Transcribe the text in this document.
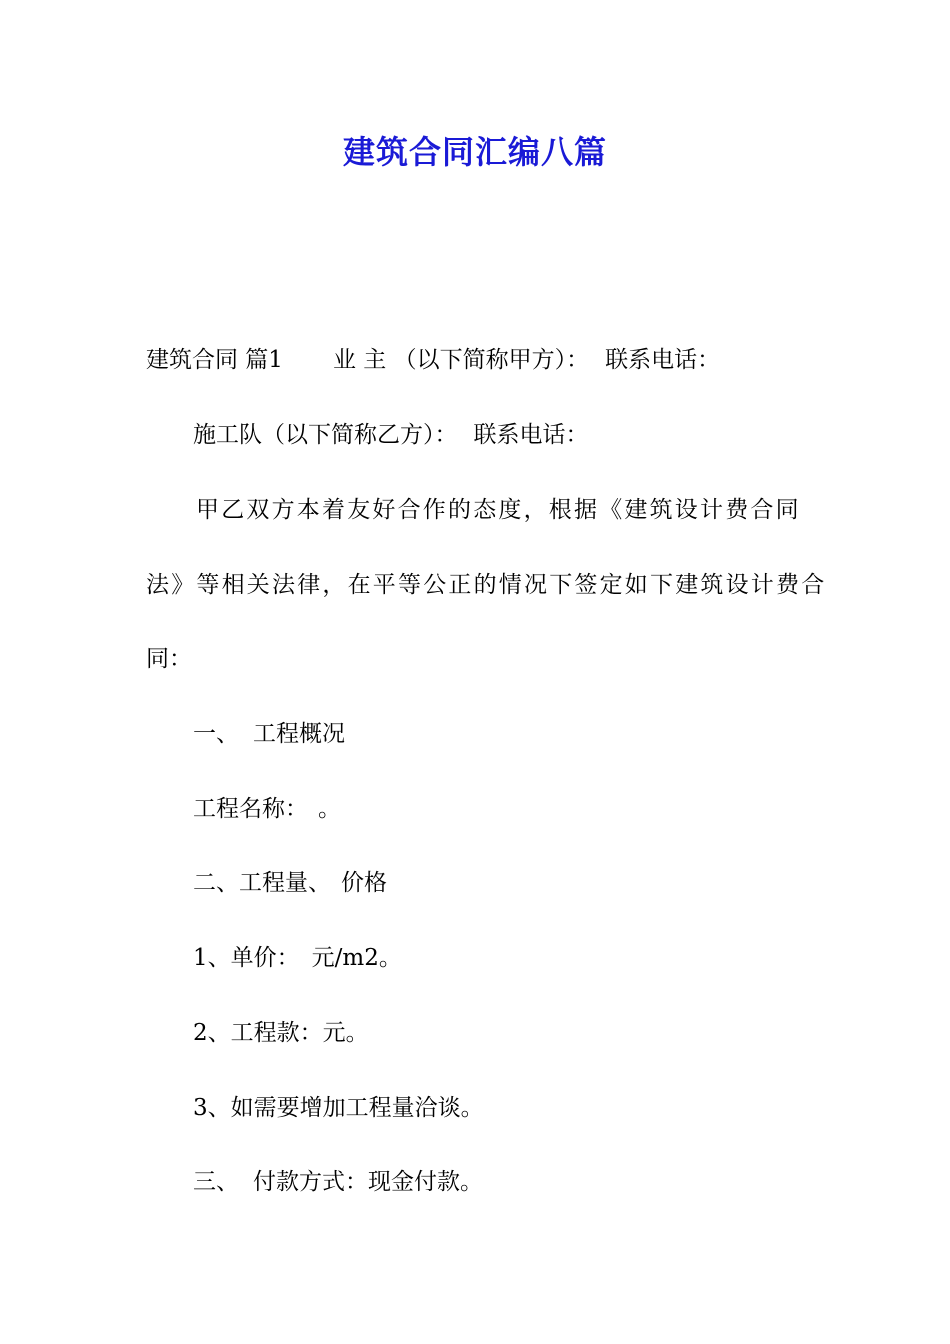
建筑合同汇编八篇
建筑合同 篇1 业 主 （以下简称甲方）： 联系电话：
施工队（以下简称乙方）： 联系电话：
甲乙双方本着友好合作的态度，根据《建筑设计费合同
法》等相关法律，在平等公正的情况下签定如下建筑设计费合
同：
一、 工程概况
工程名称： 。
二、工程量、 价格
1、单价： 元/m2。
2、工程款：元。
3、如需要增加工程量洽谈。
三、 付款方式：现金付款。
